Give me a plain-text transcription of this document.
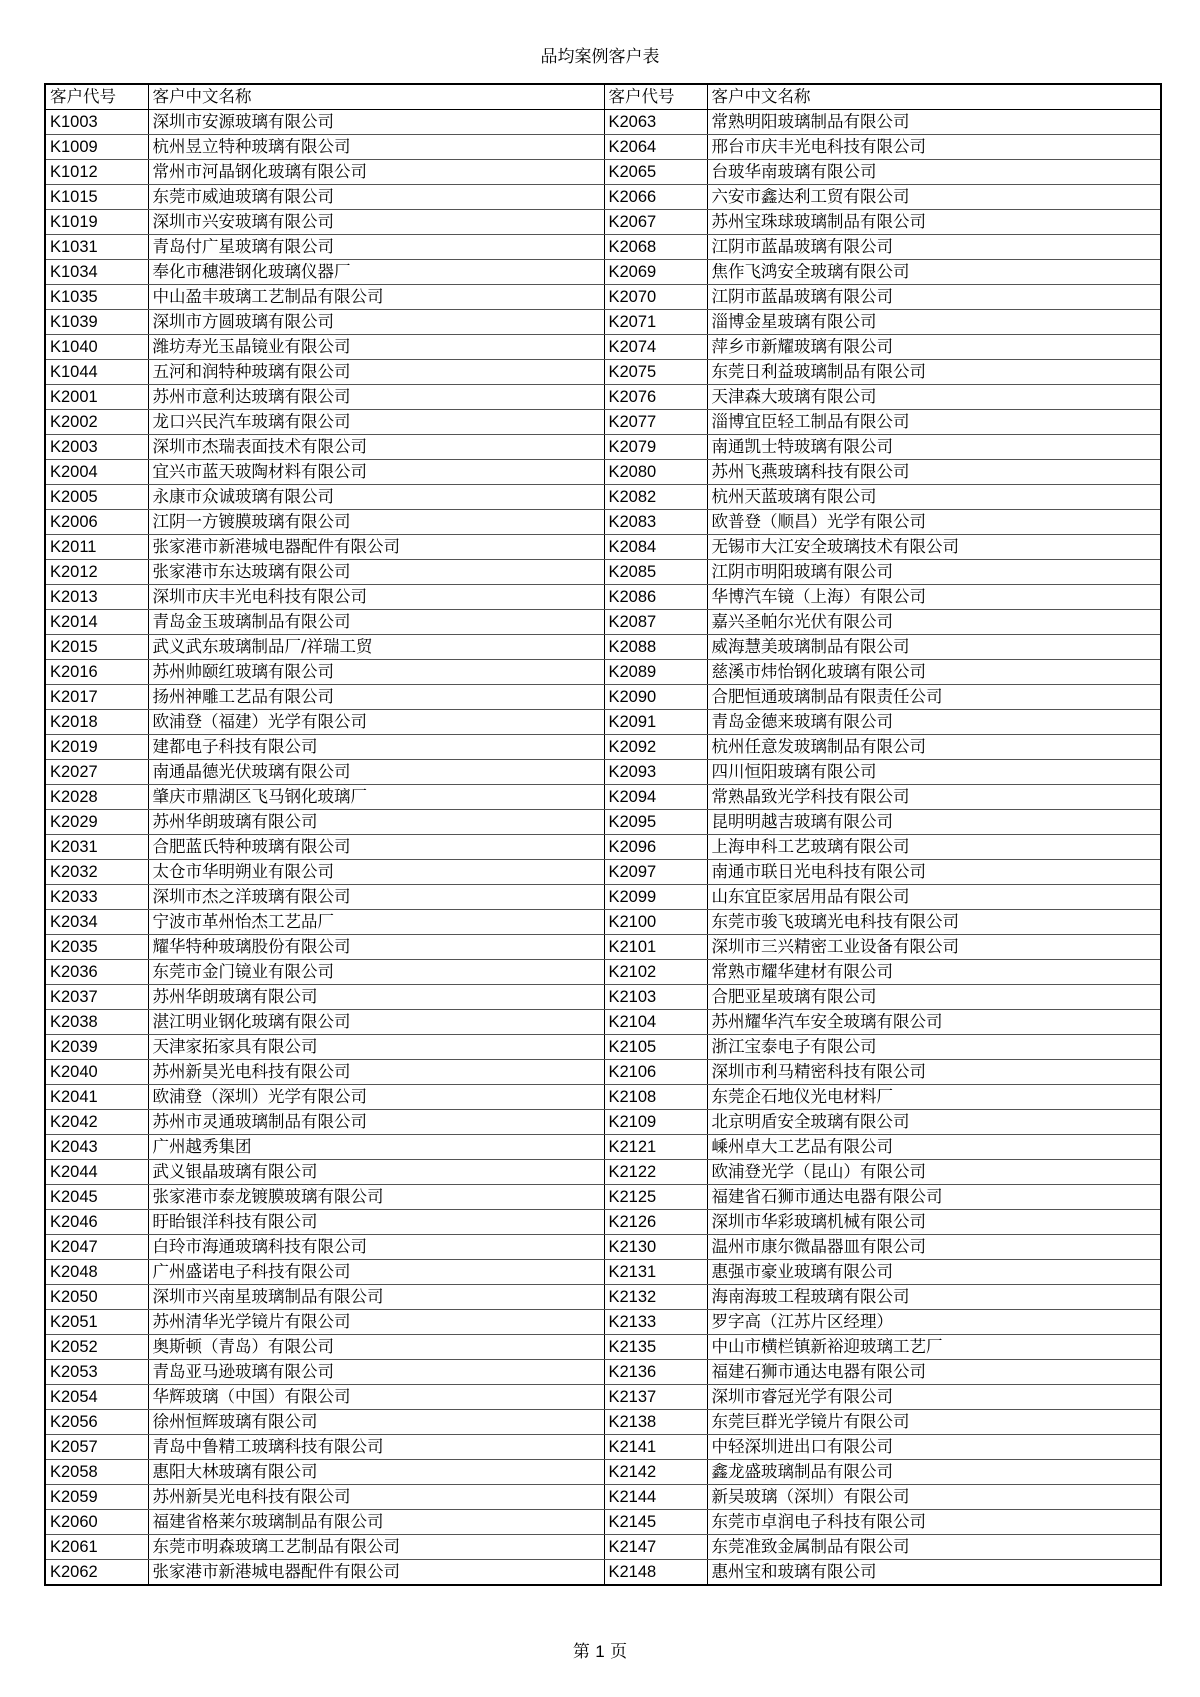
品均案例客户表
客户代号	客户中文名称	客户代号	客户中文名称
K1003	深圳市安源玻璃有限公司	K2063	常熟明阳玻璃制品有限公司
K1009	杭州昱立特种玻璃有限公司	K2064	邢台市庆丰光电科技有限公司
K1012	常州市河晶钢化玻璃有限公司	K2065	台玻华南玻璃有限公司
K1015	东莞市威迪玻璃有限公司	K2066	六安市鑫达利工贸有限公司
K1019	深圳市兴安玻璃有限公司	K2067	苏州宝珠球玻璃制品有限公司
K1031	青岛付广星玻璃有限公司	K2068	江阴市蓝晶玻璃有限公司
K1034	奉化市穗港钢化玻璃仪器厂	K2069	焦作飞鸿安全玻璃有限公司
K1035	中山盈丰玻璃工艺制品有限公司	K2070	江阴市蓝晶玻璃有限公司
K1039	深圳市方圆玻璃有限公司	K2071	淄博金星玻璃有限公司
K1040	潍坊寿光玉晶镜业有限公司	K2074	萍乡市新耀玻璃有限公司
K1044	五河和润特种玻璃有限公司	K2075	东莞日利益玻璃制品有限公司
K2001	苏州市意利达玻璃有限公司	K2076	天津森大玻璃有限公司
K2002	龙口兴民汽车玻璃有限公司	K2077	淄博宜臣轻工制品有限公司
K2003	深圳市杰瑞表面技术有限公司	K2079	南通凯士特玻璃有限公司
K2004	宜兴市蓝天玻陶材料有限公司	K2080	苏州飞燕玻璃科技有限公司
K2005	永康市众诚玻璃有限公司	K2082	杭州天蓝玻璃有限公司
K2006	江阴一方镀膜玻璃有限公司	K2083	欧普登（顺昌）光学有限公司
K2011	张家港市新港城电器配件有限公司	K2084	无锡市大江安全玻璃技术有限公司
K2012	张家港市东达玻璃有限公司	K2085	江阴市明阳玻璃有限公司
K2013	深圳市庆丰光电科技有限公司	K2086	华博汽车镜（上海）有限公司
K2014	青岛金玉玻璃制品有限公司	K2087	嘉兴圣帕尔光伏有限公司
K2015	武义武东玻璃制品厂/祥瑞工贸	K2088	威海慧美玻璃制品有限公司
K2016	苏州帅颐红玻璃有限公司	K2089	慈溪市炜怡钢化玻璃有限公司
K2017	扬州神雕工艺品有限公司	K2090	合肥恒通玻璃制品有限责任公司
K2018	欧浦登（福建）光学有限公司	K2091	青岛金德来玻璃有限公司
K2019	建都电子科技有限公司	K2092	杭州任意发玻璃制品有限公司
K2027	南通晶德光伏玻璃有限公司	K2093	四川恒阳玻璃有限公司
K2028	肇庆市鼎湖区飞马钢化玻璃厂	K2094	常熟晶致光学科技有限公司
K2029	苏州华朗玻璃有限公司	K2095	昆明明越吉玻璃有限公司
K2031	合肥蓝氏特种玻璃有限公司	K2096	上海申科工艺玻璃有限公司
K2032	太仓市华明朔业有限公司	K2097	南通市联日光电科技有限公司
K2033	深圳市杰之洋玻璃有限公司	K2099	山东宜臣家居用品有限公司
K2034	宁波市革州怡杰工艺品厂	K2100	东莞市骏飞玻璃光电科技有限公司
K2035	耀华特种玻璃股份有限公司	K2101	深圳市三兴精密工业设备有限公司
K2036	东莞市金门镜业有限公司	K2102	常熟市耀华建材有限公司
K2037	苏州华朗玻璃有限公司	K2103	合肥亚星玻璃有限公司
K2038	湛江明业钢化玻璃有限公司	K2104	苏州耀华汽车安全玻璃有限公司
K2039	天津家拓家具有限公司	K2105	浙江宝泰电子有限公司
K2040	苏州新昊光电科技有限公司	K2106	深圳市利马精密科技有限公司
K2041	欧浦登（深圳）光学有限公司	K2108	东莞企石地仪光电材料厂
K2042	苏州市灵通玻璃制品有限公司	K2109	北京明盾安全玻璃有限公司
K2043	广州越秀集团	K2121	嵊州卓大工艺品有限公司
K2044	武义银晶玻璃有限公司	K2122	欧浦登光学（昆山）有限公司
K2045	张家港市泰龙镀膜玻璃有限公司	K2125	福建省石狮市通达电器有限公司
K2046	盱眙银洋科技有限公司	K2126	深圳市华彩玻璃机械有限公司
K2047	白玲市海通玻璃科技有限公司	K2130	温州市康尔微晶器皿有限公司
K2048	广州盛诺电子科技有限公司	K2131	惠强市豪业玻璃有限公司
K2050	深圳市兴南星玻璃制品有限公司	K2132	海南海玻工程玻璃有限公司
K2051	苏州清华光学镜片有限公司	K2133	罗字高（江苏片区经理）
K2052	奥斯顿（青岛）有限公司	K2135	中山市横栏镇新裕迎玻璃工艺厂
K2053	青岛亚马逊玻璃有限公司	K2136	福建石狮市通达电器有限公司
K2054	华辉玻璃（中国）有限公司	K2137	深圳市睿冠光学有限公司
K2056	徐州恒辉玻璃有限公司	K2138	东莞巨群光学镜片有限公司
K2057	青岛中鲁精工玻璃科技有限公司	K2141	中轻深圳进出口有限公司
K2058	惠阳大林玻璃有限公司	K2142	鑫龙盛玻璃制品有限公司
K2059	苏州新昊光电科技有限公司	K2144	新吴玻璃（深圳）有限公司
K2060	福建省格莱尔玻璃制品有限公司	K2145	东莞市卓润电子科技有限公司
K2061	东莞市明森玻璃工艺制品有限公司	K2147	东莞准致金属制品有限公司
K2062	张家港市新港城电器配件有限公司	K2148	惠州宝和玻璃有限公司
第 1 页
